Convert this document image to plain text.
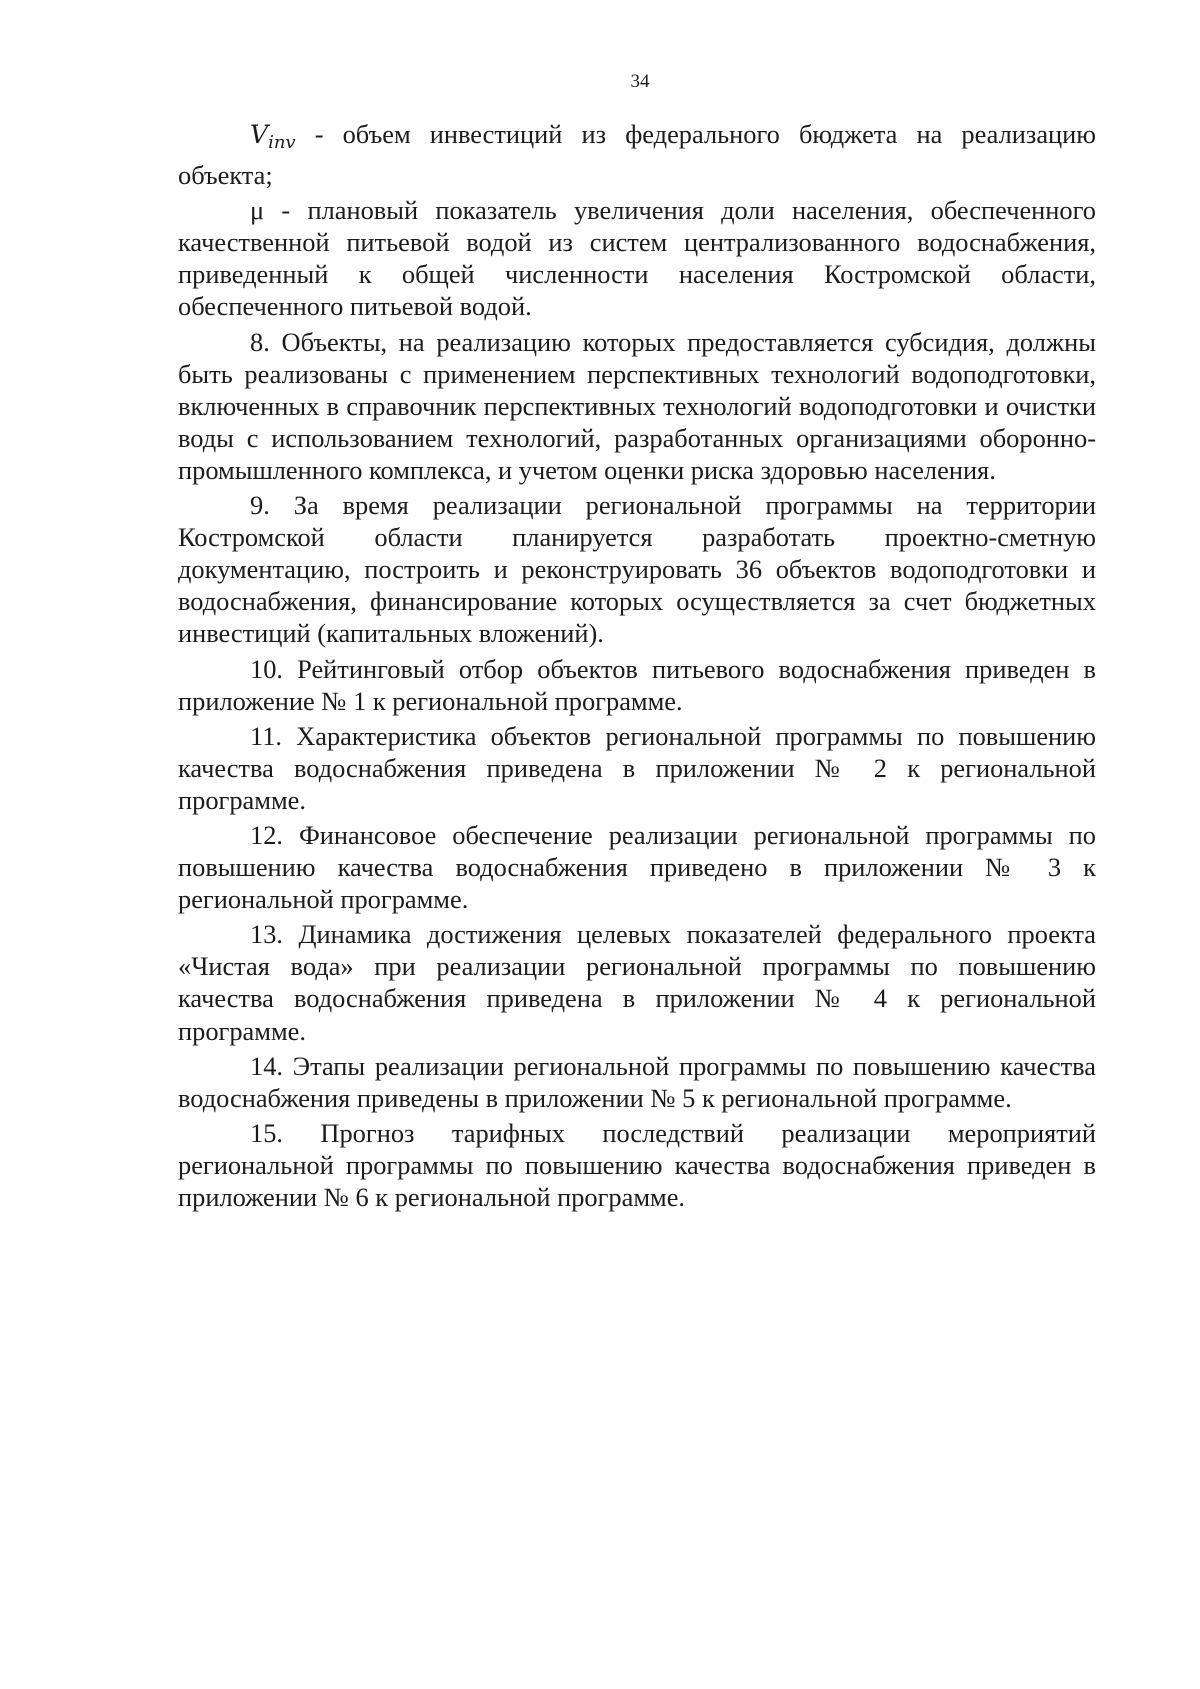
34

Vinv - объем инвестиций из федерального бюджета на реализацию объекта;

μ - плановый показатель увеличения доли населения, обеспеченного качественной питьевой водой из систем централизованного водоснабжения, приведенный к общей численности населения Костромской области, обеспеченного питьевой водой.

8. Объекты, на реализацию которых предоставляется субсидия, должны быть реализованы с применением перспективных технологий водоподготовки, включенных в справочник перспективных технологий водоподготовки и очистки воды с использованием технологий, разработанных организациями оборонно-промышленного комплекса, и учетом оценки риска здоровью населения.

9. За время реализации региональной программы на территории Костромской области планируется разработать проектно-сметную документацию, построить и реконструировать 36 объектов водоподготовки и водоснабжения, финансирование которых осуществляется за счет бюджетных инвестиций (капитальных вложений).

10. Рейтинговый отбор объектов питьевого водоснабжения приведен в приложение № 1 к региональной программе.

11. Характеристика объектов региональной программы по повышению качества водоснабжения приведена в приложении № 2 к региональной программе.

12. Финансовое обеспечение реализации региональной программы по повышению качества водоснабжения приведено в приложении № 3 к региональной программе.

13. Динамика достижения целевых показателей федерального проекта «Чистая вода» при реализации региональной программы по повышению качества водоснабжения приведена в приложении № 4 к региональной программе.

14. Этапы реализации региональной программы по повышению качества водоснабжения приведены в приложении № 5 к региональной программе.

15. Прогноз тарифных последствий реализации мероприятий региональной программы по повышению качества водоснабжения приведен в приложении № 6 к региональной программе.
